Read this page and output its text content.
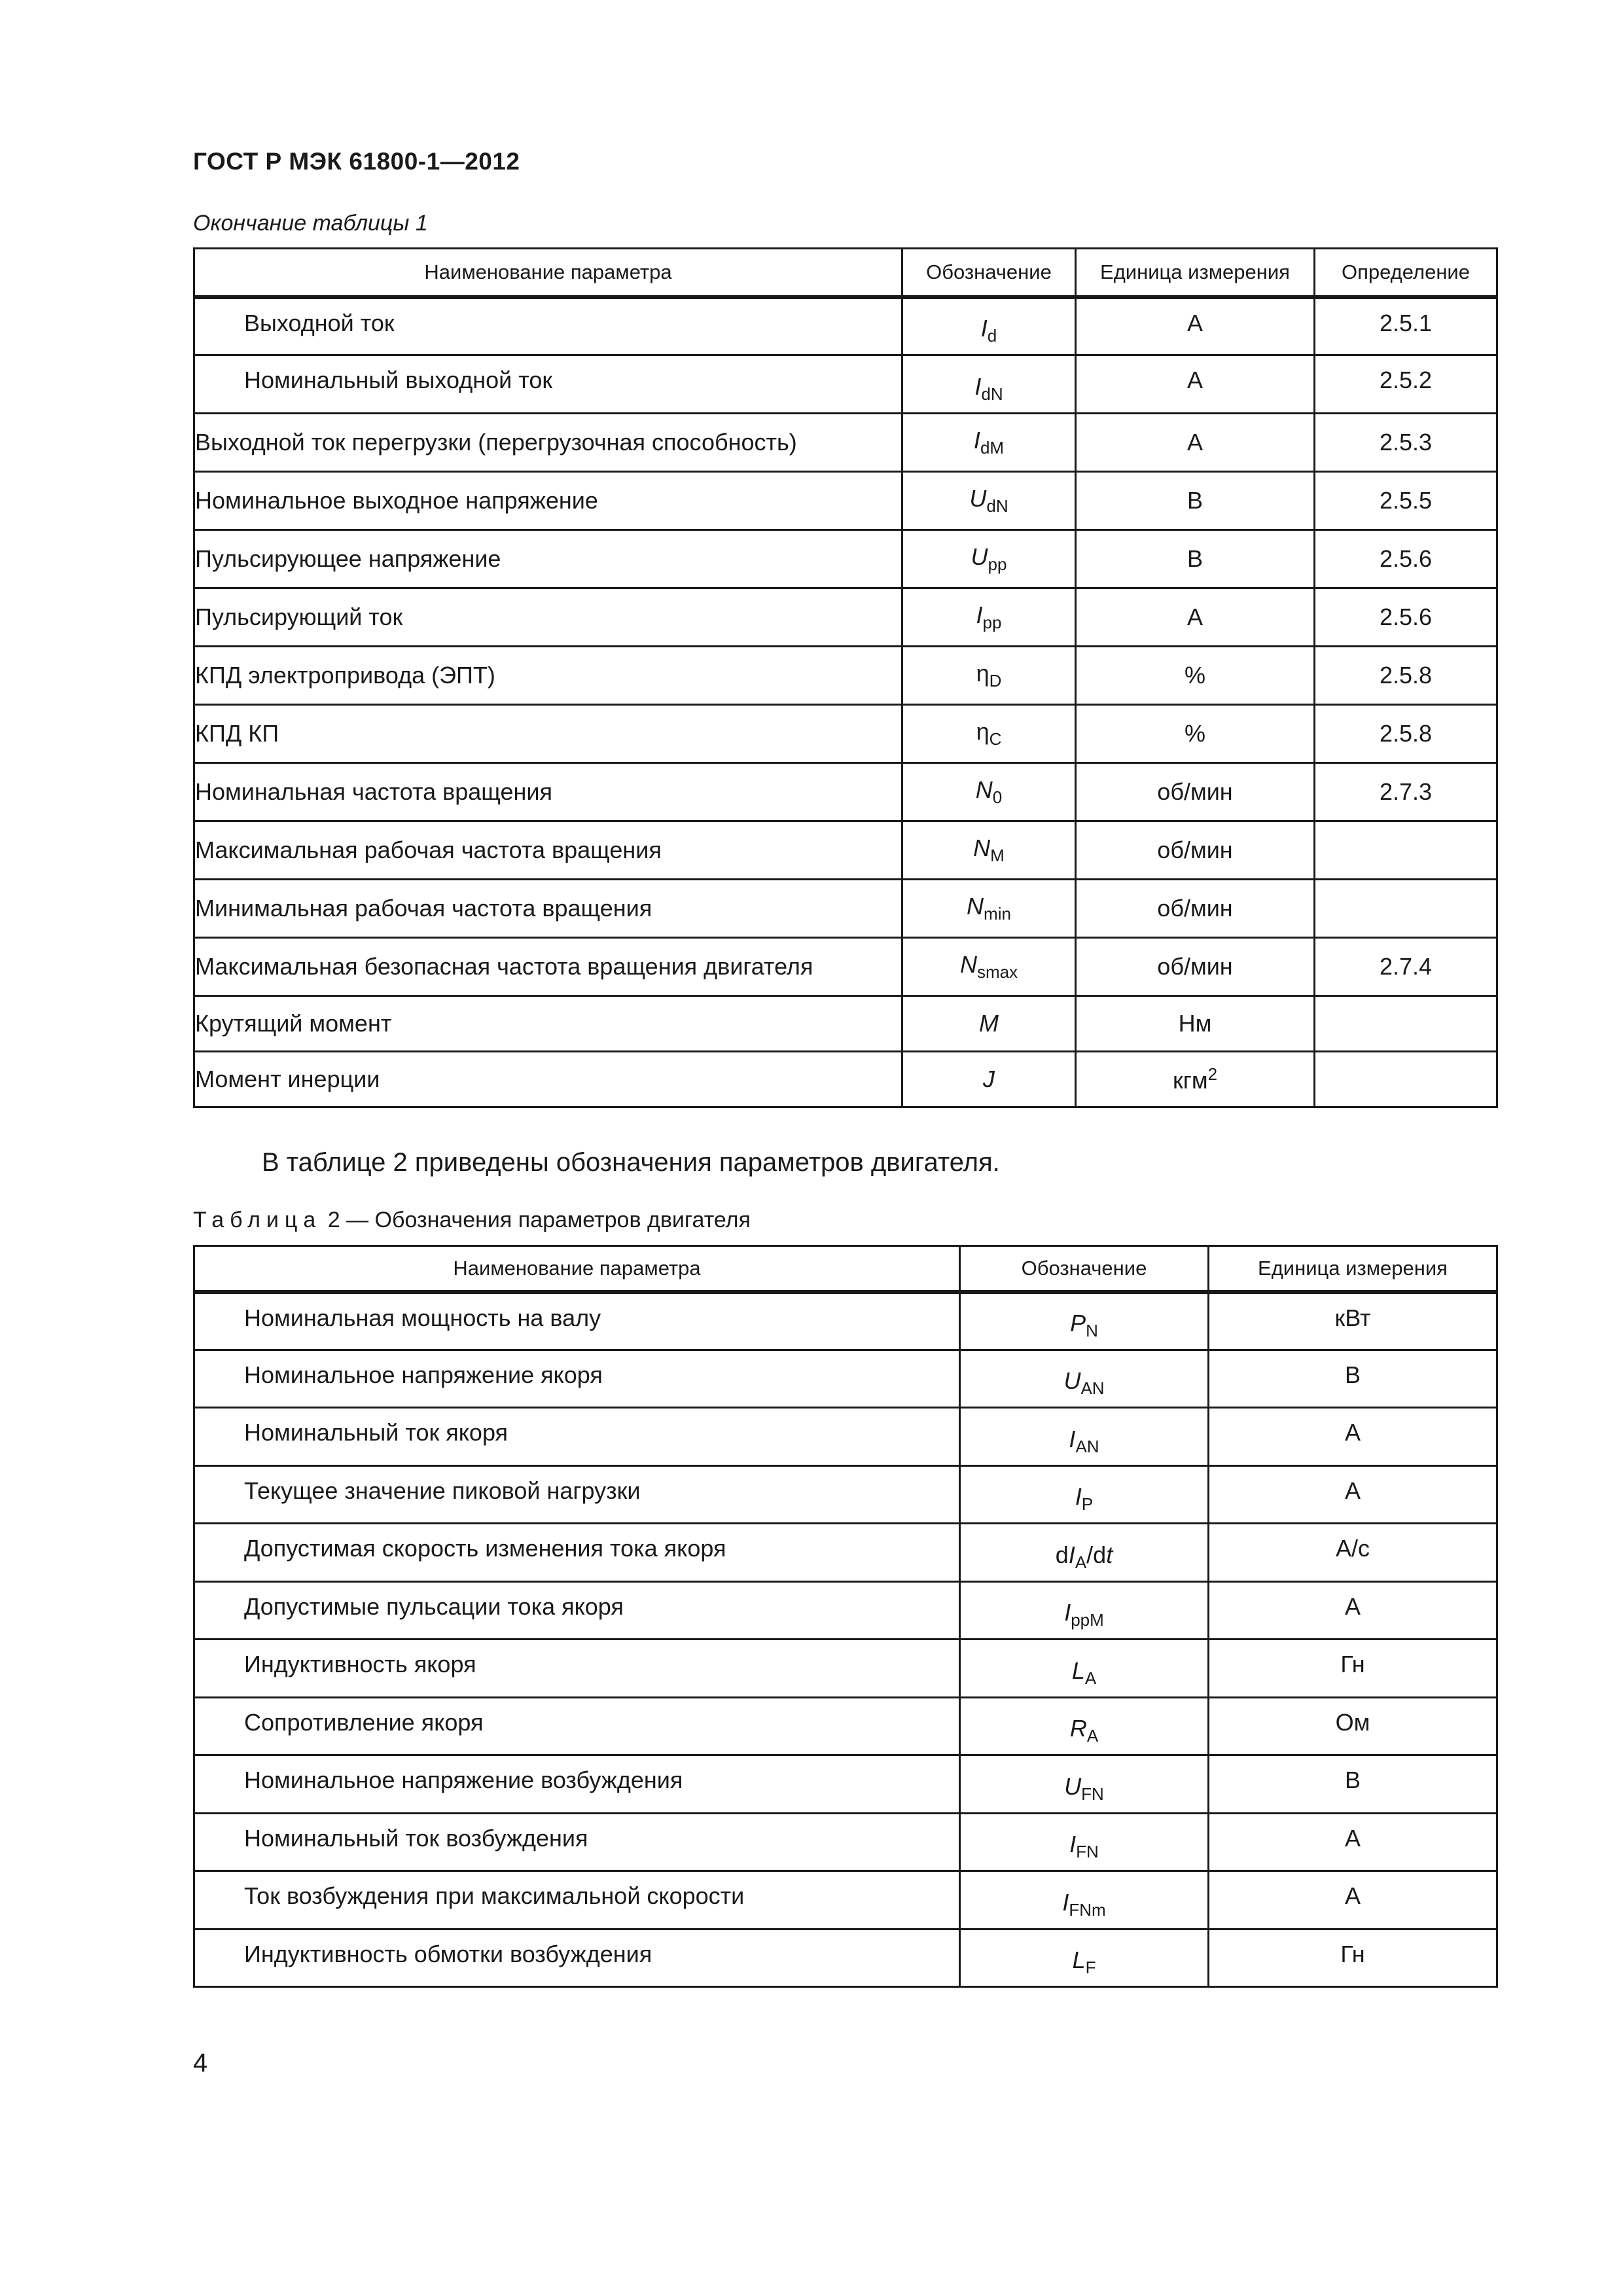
ГОСТ Р МЭК 61800-1—2012
Окончание таблицы 1
Наименование параметра	Обозначение	Единица измерения	Определение
Выходной ток	$I_d$	А	2.5.1
Номинальный выходной ток	$I_{dN}$	А	2.5.2
Выходной ток перегрузки (перегрузочная способность)	$I_{dM}$	А	2.5.3
Номинальное выходное напряжение	$U_{dN}$	В	2.5.5
Пульсирующее напряжение	$U_{pp}$	В	2.5.6
Пульсирующий ток	$I_{pp}$	А	2.5.6
КПД электропривода (ЭПТ)	$\eta_D$	%	2.5.8
КПД КП	$\eta_C$	%	2.5.8
Номинальная частота вращения	$N_0$	об/мин	2.7.3
Максимальная рабочая частота вращения	$N_M$	об/мин	
Минимальная рабочая частота вращения	$N_{min}$	об/мин	
Максимальная безопасная частота вращения двигателя	$N_{smax}$	об/мин	2.7.4
Крутящий момент	M	Нм	
Момент инерции	J	кгм$^2$	
В таблице 2 приведены обозначения параметров двигателя.
Таблица 2 — Обозначения параметров двигателя
Наименование параметра	Обозначение	Единица измерения
Номинальная мощность на валу	$P_N$	кВт
Номинальное напряжение якоря	$U_{AN}$	В
Номинальный ток якоря	$I_{AN}$	А
Текущее значение пиковой нагрузки	$I_P$	А
Допустимая скорость изменения тока якоря	$dI_A/dt$	А/с
Допустимые пульсации тока якоря	$I_{ppM}$	А
Индуктивность якоря	$L_A$	Гн
Сопротивление якоря	$R_A$	Ом
Номинальное напряжение возбуждения	$U_{FN}$	В
Номинальный ток возбуждения	$I_{FN}$	А
Ток возбуждения при максимальной скорости	$I_{FNm}$	А
Индуктивность обмотки возбуждения	$L_F$	Гн
4
